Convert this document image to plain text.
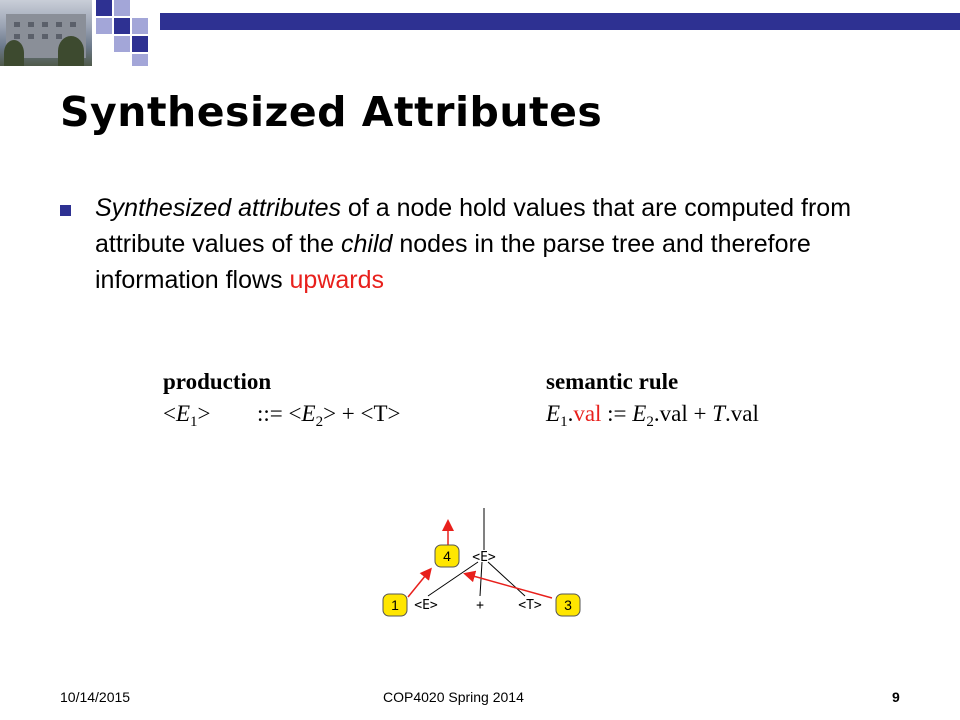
Synthesized Attributes

Synthesized attributes of a node hold values that are computed from attribute values of the child nodes in the parse tree and therefore information flows upwards

production	semantic rule
$<E_1>$ ::= $<E_2> + <T>$	$E_1.val$ := $E_2.val + T.val$
<E>
<E>	+	<T>
4
1	3
10/14/2015	COP4020 Spring 2014	9
